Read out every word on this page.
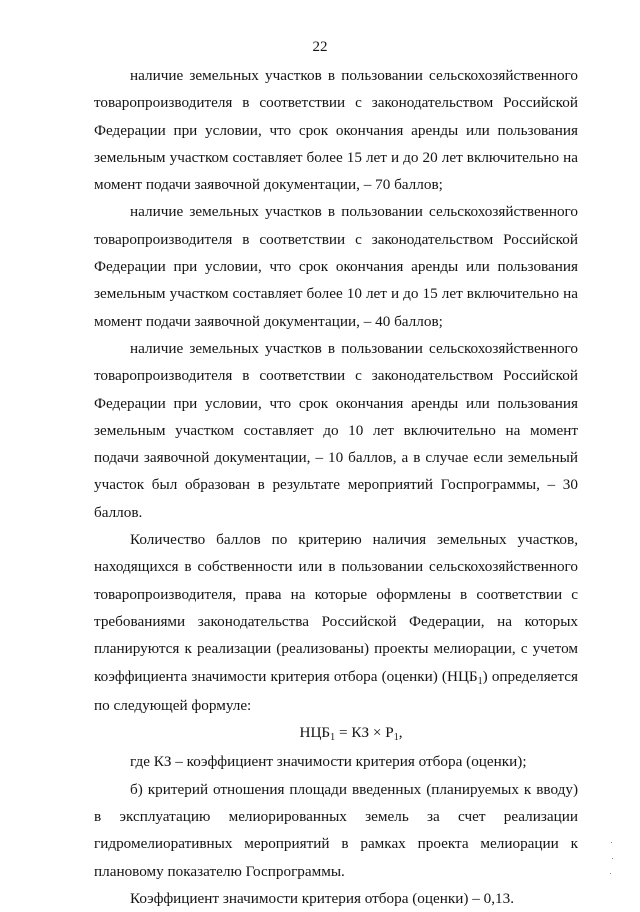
22

наличие земельных участков в пользовании сельскохозяйственного товаропроизводителя в соответствии с законодательством Российской Федерации при условии, что срок окончания аренды или пользования земельным участком составляет более 15 лет и до 20 лет включительно на момент подачи заявочной документации, – 70 баллов;

наличие земельных участков в пользовании сельскохозяйственного товаропроизводителя в соответствии с законодательством Российской Федерации при условии, что срок окончания аренды или пользования земельным участком составляет более 10 лет и до 15 лет включительно на момент подачи заявочной документации, – 40 баллов;

наличие земельных участков в пользовании сельскохозяйственного товаропроизводителя в соответствии с законодательством Российской Федерации при условии, что срок окончания аренды или пользования земельным участком составляет до 10 лет включительно на момент подачи заявочной документации, – 10 баллов, а в случае если земельный участок был образован в результате мероприятий Госпрограммы, – 30 баллов.

Количество баллов по критерию наличия земельных участков, находящихся в собственности или в пользовании сельскохозяйственного товаропроизводителя, права на которые оформлены в соответствии с требованиями законодательства Российской Федерации, на которых планируются к реализации (реализованы) проекты мелиорации, с учетом коэффициента значимости критерия отбора (оценки) $(НЦБ_1)$ определяется по следующей формуле:

$НЦБ_1$ = КЗ × $Р_1$,

где КЗ – коэффициент значимости критерия отбора (оценки);

б) критерий отношения площади введенных (планируемых к вводу) в эксплуатацию мелиорированных земель за счет реализации гидромелиоративных мероприятий в рамках проекта мелиорации к плановому показателю Госпрограммы.

Коэффициент значимости критерия отбора (оценки) – 0,13.
